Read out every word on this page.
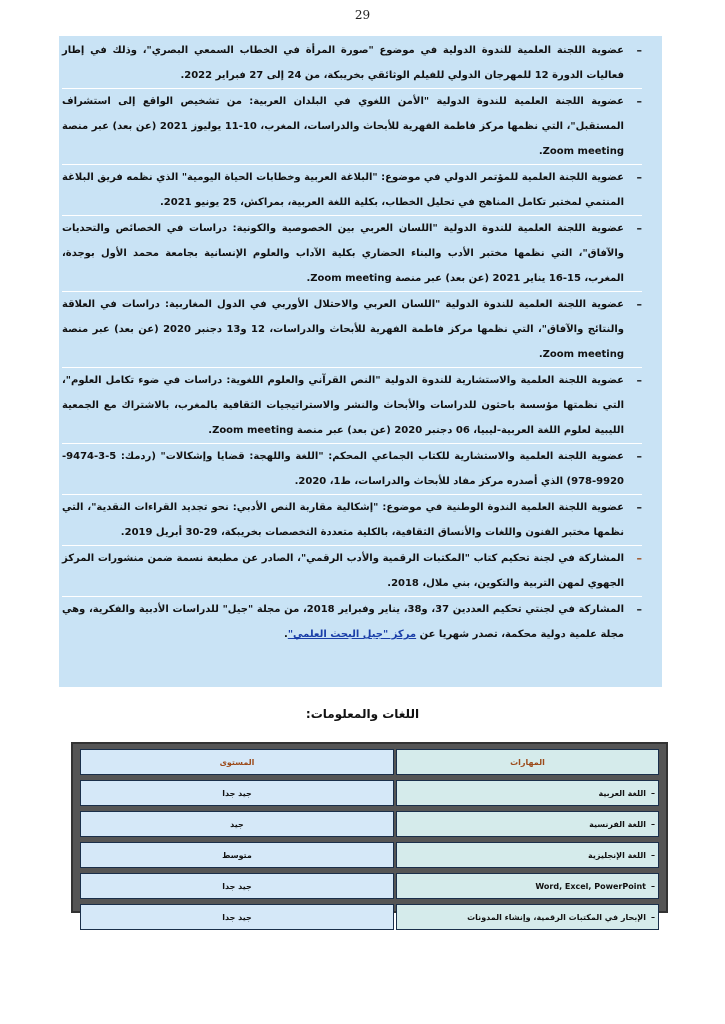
29
–

عضوية اللجنة العلمية للندوة الدولية في موضوع "صورة المرأة في الخطاب السمعي البصري"، وذلك في إطار فعاليات الدورة 12 للمهرجان الدولي للفيلم الوثائقي بخريبكة، من 24 إلى 27 فبراير 2022.

–

عضوية اللجنة العلمية للندوة الدولية "الأمن اللغوي في البلدان العربية: من تشخيص الواقع إلى استشراف المستقبل"، التي نظمها مركز فاطمة الفهرية للأبحاث والدراسات، المغرب، 10-11 يوليوز 2021 (عن بعد) عبر منصة Zoom meeting.

–

عضوية اللجنة العلمية للمؤتمر الدولي في موضوع: "البلاغة العربية وخطابات الحياة اليومية" الذي نظمه فريق البلاغة المنتمي لمختبر تكامل المناهج في تحليل الخطاب، بكلية اللغة العربية، بمراكش، 25 يونيو 2021.

–

عضوية اللجنة العلمية للندوة الدولية "اللسان العربي بين الخصوصية والكونية: دراسات في الخصائص والتحديات والآفاق"، التي نظمها مختبر الأدب والبناء الحضاري بكلية الآداب والعلوم الإنسانية بجامعة محمد الأول بوجدة، المغرب، 15-16 يناير 2021 (عن بعد) عبر منصة Zoom meeting.

–

عضوية اللجنة العلمية للندوة الدولية "اللسان العربي والاحتلال الأوربي في الدول المغاربية: دراسات في العلاقة والنتائج والآفاق"، التي نظمها مركز فاطمة الفهرية للأبحاث والدراسات، 12 و13 دجنبر 2020 (عن بعد) عبر منصة Zoom meeting.

–

عضوية اللجنة العلمية والاستشارية للندوة الدولية "النص القرآني والعلوم اللغوية: دراسات في ضوء تكامل العلوم"، التي نظمتها مؤسسة باحثون للدراسات والأبحاث والنشر والاستراتيجيات الثقافية بالمغرب، بالاشتراك مع الجمعية الليبية لعلوم اللغة العربية-ليبيا، 06 دجنبر 2020 (عن بعد) عبر منصة Zoom meeting.

–

عضوية اللجنة العلمية والاستشارية للكتاب الجماعي المحكم: "اللغة واللهجة: قضايا وإشكالات" (ردمك: 5-3-9474-9920-978) الذي أصدره مركز مفاد للأبحاث والدراسات، ط1، 2020.

–

عضوية اللجنة العلمية الندوة الوطنية في موضوع: "إشكالية مقاربة النص الأدبي: نحو تجديد القراءات النقدية"، التي نظمها مختبر الفنون واللغات والأنساق الثقافية، بالكلية متعددة التخصصات بخريبكة، 29-30 أبريل 2019.

–

المشاركة في لجنة تحكيم كتاب "المكتبات الرقمية والأدب الرقمي"، الصادر عن مطبعة نسمة ضمن منشورات المركز الجهوي لمهن التربية والتكوين، بني ملال، 2018.

–

المشاركة في لجنتي تحكيم العددين 37، و38، يناير وفبراير 2018، من مجلة "جيل" للدراسات الأدبية والفكرية، وهي مجلة علمية دولية محكمة، تصدر شهريا عن مركز "جيل البحث العلمي".

اللغات والمعلومات:
المهارات
المستوى
–
اللغة العربية
جيد جدا
–
اللغة الفرنسية
جيد
–
اللغة الإنجليزية
متوسط
–
Word, Excel, PowerPoint
جيد جدا
–
الإبحار في المكتبات الرقمية، وإنشاء المدونات
جيد جدا
